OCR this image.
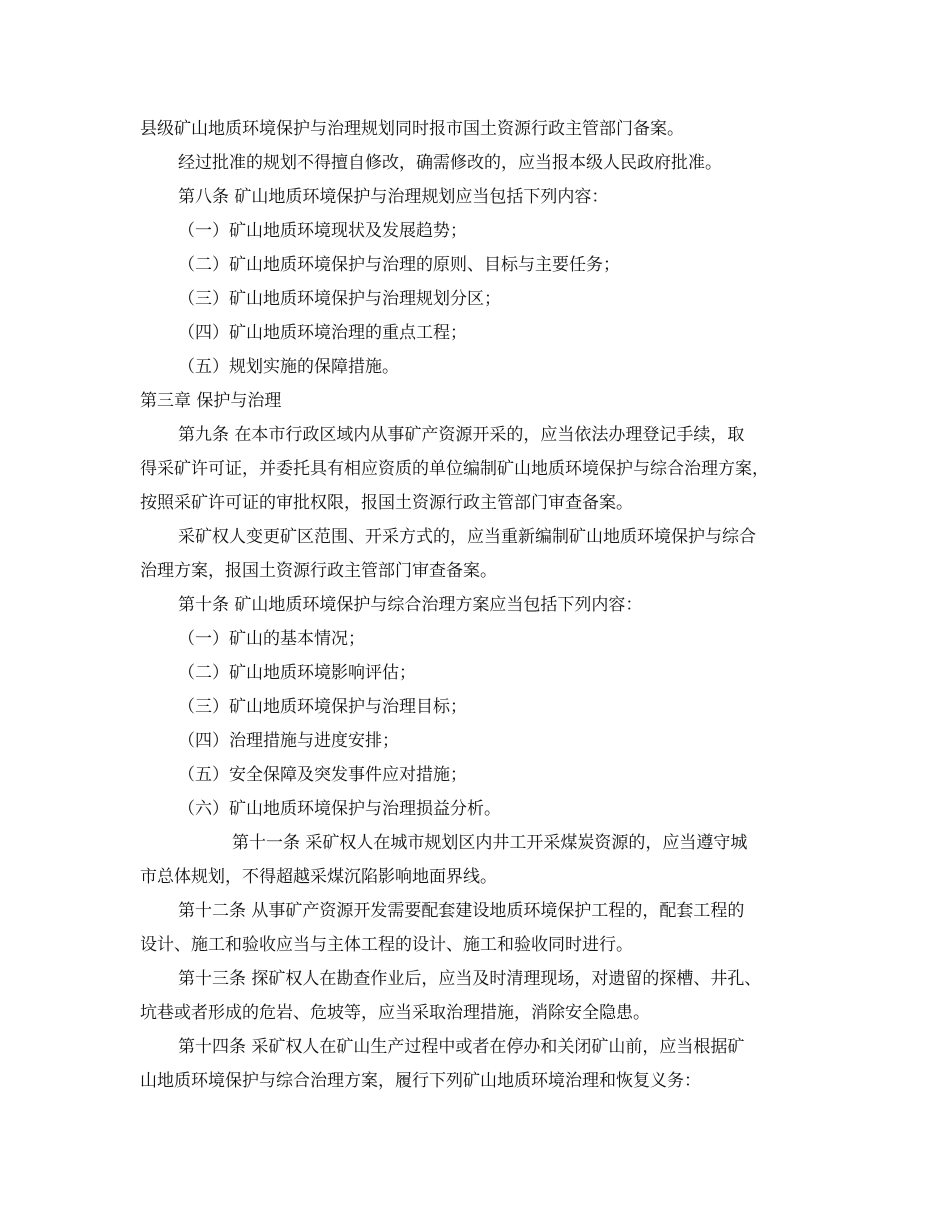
县级矿山地质环境保护与治理规划同时报市国土资源行政主管部门备案。
经过批准的规划不得擅自修改，确需修改的，应当报本级人民政府批准。
第八条 矿山地质环境保护与治理规划应当包括下列内容：
（一）矿山地质环境现状及发展趋势；
（二）矿山地质环境保护与治理的原则、目标与主要任务；
（三）矿山地质环境保护与治理规划分区；
（四）矿山地质环境治理的重点工程；
（五）规划实施的保障措施。
第三章 保护与治理
第九条 在本市行政区域内从事矿产资源开采的，应当依法办理登记手续，取
得采矿许可证，并委托具有相应资质的单位编制矿山地质环境保护与综合治理方案，
按照采矿许可证的审批权限，报国土资源行政主管部门审查备案。
采矿权人变更矿区范围、开采方式的，应当重新编制矿山地质环境保护与综合
治理方案，报国土资源行政主管部门审查备案。
第十条 矿山地质环境保护与综合治理方案应当包括下列内容：
（一）矿山的基本情况；
（二）矿山地质环境影响评估；
（三）矿山地质环境保护与治理目标；
（四）治理措施与进度安排；
（五）安全保障及突发事件应对措施；
（六）矿山地质环境保护与治理损益分析。
第十一条 采矿权人在城市规划区内井工开采煤炭资源的，应当遵守城
市总体规划，不得超越采煤沉陷影响地面界线。
第十二条 从事矿产资源开发需要配套建设地质环境保护工程的，配套工程的
设计、施工和验收应当与主体工程的设计、施工和验收同时进行。
第十三条 探矿权人在勘查作业后，应当及时清理现场，对遗留的探槽、井孔、
坑巷或者形成的危岩、危坡等，应当采取治理措施，消除安全隐患。
第十四条 采矿权人在矿山生产过程中或者在停办和关闭矿山前，应当根据矿
山地质环境保护与综合治理方案，履行下列矿山地质环境治理和恢复义务：
